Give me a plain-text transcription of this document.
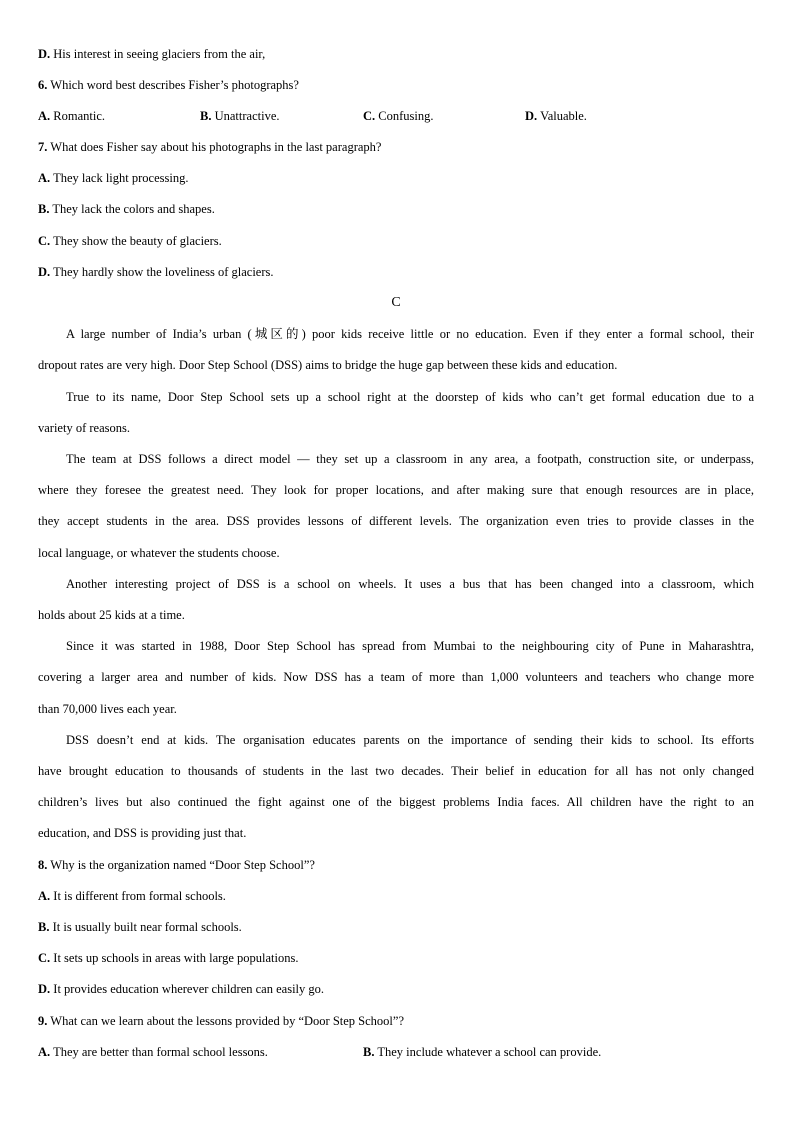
D. His interest in seeing glaciers from the air,
6. Which word best describes Fisher’s photographs?
A. Romantic.	B. Unattractive.	C. Confusing.	D. Valuable.
7. What does Fisher say about his photographs in the last paragraph?
A. They lack light processing.
B. They lack the colors and shapes.
C. They show the beauty of glaciers.
D. They hardly show the loveliness of glaciers.
C
A large number of India’s urban (城区的) poor kids receive little or no education. Even if they enter a formal school, their
dropout rates are very high. Door Step School (DSS) aims to bridge the huge gap between these kids and education.
True to its name, Door Step School sets up a school right at the doorstep of kids who can’t get formal education due to a
variety of reasons.
The team at DSS follows a direct model — they set up a classroom in any area, a footpath, construction site, or underpass,
where they foresee the greatest need. They look for proper locations, and after making sure that enough resources are in place,
they accept students in the area. DSS provides lessons of different levels. The organization even tries to provide classes in the
local language, or whatever the students choose.
Another interesting project of DSS is a school on wheels. It uses a bus that has been changed into a classroom, which
holds about 25 kids at a time.
Since it was started in 1988, Door Step School has spread from Mumbai to the neighbouring city of Pune in Maharashtra,
covering a larger area and number of kids. Now DSS has a team of more than 1,000 volunteers and teachers who change more
than 70,000 lives each year.
DSS doesn’t end at kids. The organisation educates parents on the importance of sending their kids to school. Its efforts
have brought education to thousands of students in the last two decades. Their belief in education for all has not only changed
children’s lives but also continued the fight against one of the biggest problems India faces. All children have the right to an
education, and DSS is providing just that.
8. Why is the organization named “Door Step School”?
A. It is different from formal schools.
B. It is usually built near formal schools.
C. It sets up schools in areas with large populations.
D. It provides education wherever children can easily go.
9. What can we learn about the lessons provided by “Door Step School”?
A. They are better than formal school lessons.	B. They include whatever a school can provide.
